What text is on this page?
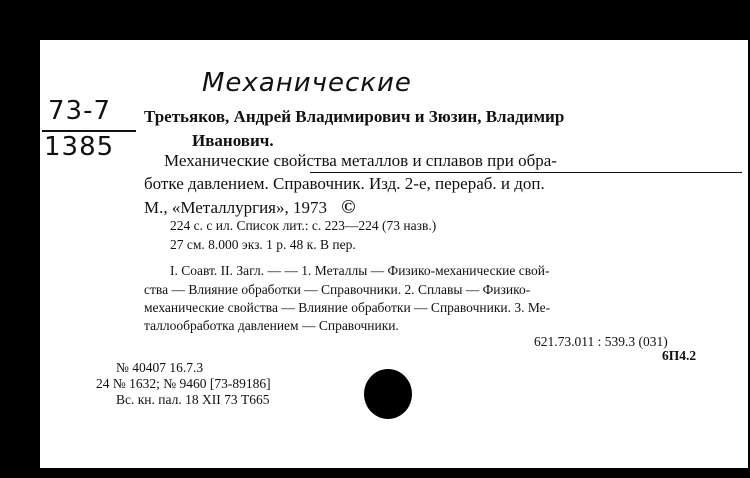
Механические
73-7
1385
Третьяков, Андрей Владимирович и Зюзин, Владимир
Иванович.
Механические свойства металлов и сплавов при обра-
ботке давлением. Справочник. Изд. 2-е, перераб. и доп.
М., «Металлургия», 1973 ©
224 с. с ил. Список лит.: с. 223—224 (73 назв.)
27 см. 8.000 экз. 1 р. 48 к. В пер.
I. Соавт. II. Загл. — — 1. Металлы — Физико-механические свой-
ства — Влияние обработки — Справочники. 2. Сплавы — Физико-
механические свойства — Влияние обработки — Справочники. 3. Ме-
таллообработка давлением — Справочники.
621.73.011 : 539.3 (031)
6П4.2
№ 40407 16.7.3
24 № 1632; № 9460 [73-89186]
Вс. кн. пал. 18 XII 73 Т665
